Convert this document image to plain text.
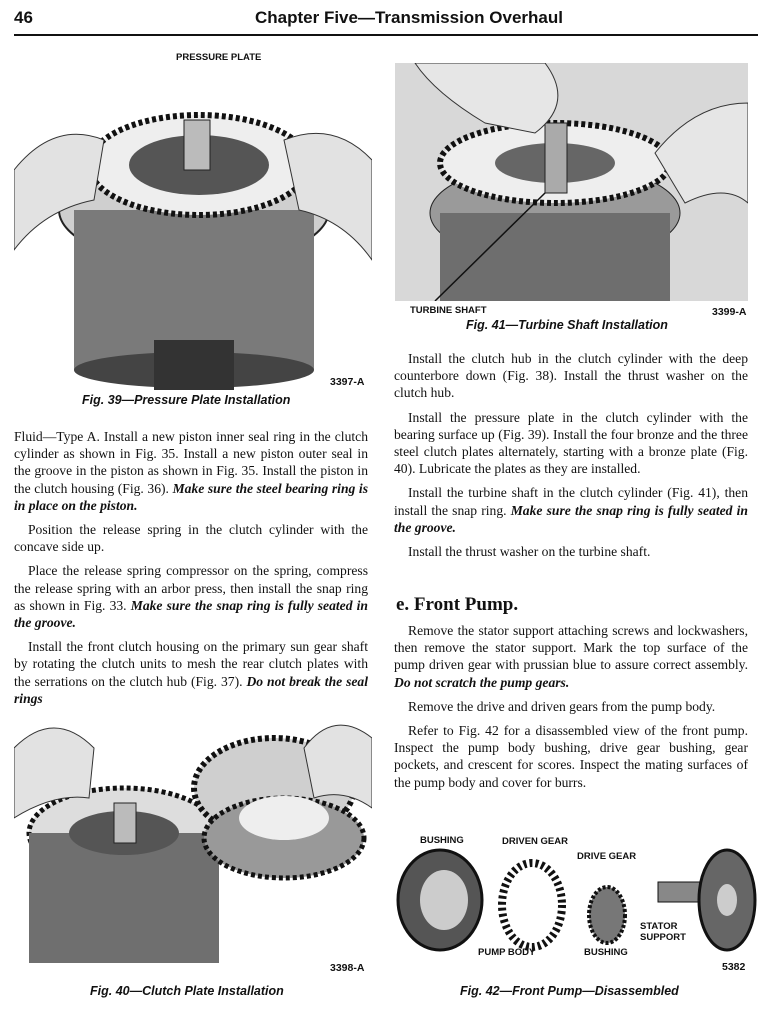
46	Chapter Five—Transmission Overhaul
PRESSURE PLATE
3397-A
Fig. 39—Pressure Plate Installation
TURBINE SHAFT	3399-A
Fig. 41—Turbine Shaft Installation

Fluid—Type A. Install a new piston inner seal ring in the clutch cylinder as shown in Fig. 35. Install a new piston outer seal in the groove in the piston as shown in Fig. 35. Install the piston in the clutch housing (Fig. 36). Make sure the steel bearing ring is in place on the piston.

Position the release spring in the clutch cylinder with the concave side up.

Place the release spring compressor on the spring, compress the release spring with an arbor press, then install the snap ring as shown in Fig. 33. Make sure the snap ring is fully seated in the groove.

Install the front clutch housing on the primary sun gear shaft by rotating the clutch units to mesh the rear clutch plates with the serrations on the clutch hub (Fig. 37). Do not break the seal rings

3398-A
Fig. 40—Clutch Plate Installation

Install the clutch hub in the clutch cylinder with the deep counterbore down (Fig. 38). Install the thrust washer on the clutch hub.

Install the pressure plate in the clutch cylinder with the bearing surface up (Fig. 39). Install the four bronze and the three steel clutch plates alternately, starting with a bronze plate (Fig. 40). Lubricate the plates as they are installed.

Install the turbine shaft in the clutch cylinder (Fig. 41), then install the snap ring. Make sure the snap ring is fully seated in the groove.

Install the thrust washer on the turbine shaft.

e. Front Pump.

Remove the stator support attaching screws and lockwashers, then remove the stator support. Mark the top surface of the pump driven gear with prussian blue to assure correct assembly. Do not scratch the pump gears.

Remove the drive and driven gears from the pump body.

Refer to Fig. 42 for a disassembled view of the front pump. Inspect the pump body bushing, drive gear bushing, gear pockets, and crescent for scores. Inspect the mating surfaces of the pump body and cover for burrs.

BUSHING	DRIVEN GEAR
DRIVE GEAR
STATOR
SUPPORT
PUMP BODY	BUSHING
5382
Fig. 42—Front Pump—Disassembled
